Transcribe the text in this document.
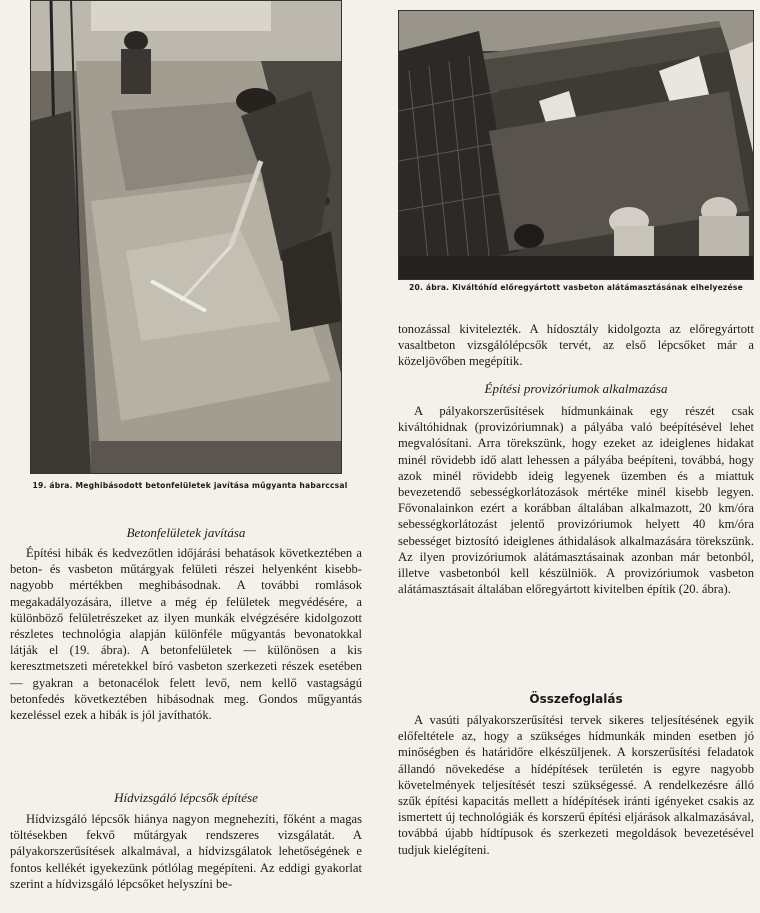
19. ábra. Meghibásodott betonfelületek javítása műgyanta habarccsal
Betonfelületek javítása

Építési hibák és kedvezőtlen időjárási behatások következtében a beton- és vasbeton műtárgyak felületi részei helyenként kisebb-nagyobb mértékben meghibásodnak. A további romlások megakadályozására, illetve a még ép felületek megvédésére, a különböző felületrészeket az ilyen munkák elvégzésére kidolgozott részletes technológia alapján különféle műgyantás bevonatokkal látják el (19. ábra). A betonfelületek — különösen a kis keresztmetszeti méretekkel bíró vasbeton szerkezeti részek esetében — gyakran a betonacélok felett levő, nem kellő vastagságú betonfedés következtében hibásodnak meg. Gondos műgyantás kezeléssel ezek a hibák is jól javíthatók.

Hídvizsgáló lépcsők építése

Hídvizsgáló lépcsők hiánya nagyon megnehezíti, főként a magas töltésekben fekvő műtárgyak rendszeres vizsgálatát. A pályakorszerűsítések alkalmával, a hídvizsgálatok lehetőségének e fontos kellékét igyekezünk pótlólag megépíteni. Az eddigi gyakorlat szerint a hídvizsgáló lépcsőket helyszíni be-

20. ábra. Kiváltóhíd előregyártott vasbeton alátámasztásának elhelyezése

tonozással kivitelezték. A hídosztály kidolgozta az előregyártott vasaltbeton vizsgálólépcsők tervét, az első lépcsőket már a közeljövőben megépítik.

Építési provizóriumok alkalmazása

A pályakorszerűsítések hídmunkáinak egy részét csak kiváltóhidnak (provizóriumnak) a pályába való beépítésével lehet megvalósítani. Arra törekszünk, hogy ezeket az ideiglenes hidakat minél rövidebb idő alatt lehessen a pályába beépíteni, továbbá, hogy azok minél rövidebb ideig legyenek üzemben és a miattuk bevezetendő sebességkorlátozások mértéke minél kisebb legyen. Fővonalainkon ezért a korábban általában alkalmazott, 20 km/óra sebességkorlátozást jelentő provizóriumok helyett 40 km/óra sebességet biztosító ideiglenes áthidalások alkalmazására törekszünk. Az ilyen provizóriumok alátámasztásainak azonban már betonból, illetve vasbetonból kell készülniök. A provizóriumok vasbeton alátámasztásait általában előregyártott kivitelben építik (20. ábra).

Összefoglalás

A vasúti pályakorszerűsítési tervek sikeres teljesítésének egyik előfeltétele az, hogy a szükséges hídmunkák minden esetben jó minőségben és határidőre elkészüljenek. A korszerűsítési feladatok állandó növekedése a hídépítések területén is egyre nagyobb követelmények teljesítését teszi szükségessé. A rendelkezésre álló szűk építési kapacitás mellett a hídépítések iránti igényeket csakis az ismertett új technológiák és korszerű építési eljárások alkalmazásával, továbbá újabb hídtípusok és szerkezeti megoldások bevezetésével tudjuk kielégíteni.
